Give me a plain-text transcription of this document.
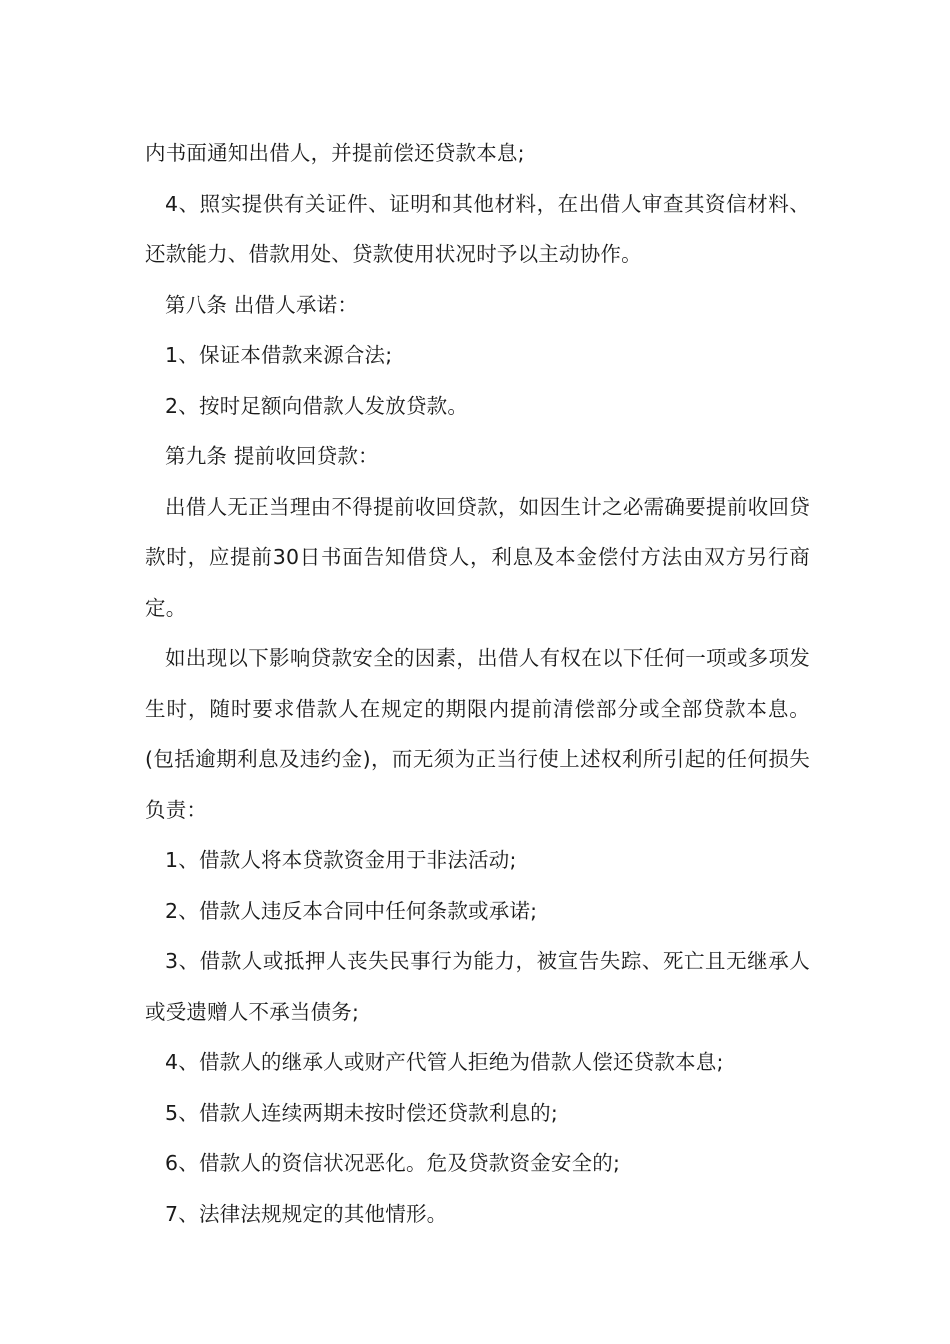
内书面通知出借人，并提前偿还贷款本息;

4、照实提供有关证件、证明和其他材料，在出借人审查其资信材料、还款能力、借款用处、贷款使用状况时予以主动协作。

第八条 出借人承诺：

1、保证本借款来源合法;

2、按时足额向借款人发放贷款。

第九条 提前收回贷款：

出借人无正当理由不得提前收回贷款，如因生计之必需确要提前收回贷款时，应提前30日书面告知借贷人，利息及本金偿付方法由双方另行商定。

如出现以下影响贷款安全的因素，出借人有权在以下任何一项或多项发生时，随时要求借款人在规定的期限内提前清偿部分或全部贷款本息。(包括逾期利息及违约金)，而无须为正当行使上述权利所引起的任何损失负责：

1、借款人将本贷款资金用于非法活动;

2、借款人违反本合同中任何条款或承诺;

3、借款人或抵押人丧失民事行为能力，被宣告失踪、死亡且无继承人或受遗赠人不承当债务;

4、借款人的继承人或财产代管人拒绝为借款人偿还贷款本息;

5、借款人连续两期未按时偿还贷款利息的;

6、借款人的资信状况恶化。危及贷款资金安全的;

7、法律法规规定的其他情形。
